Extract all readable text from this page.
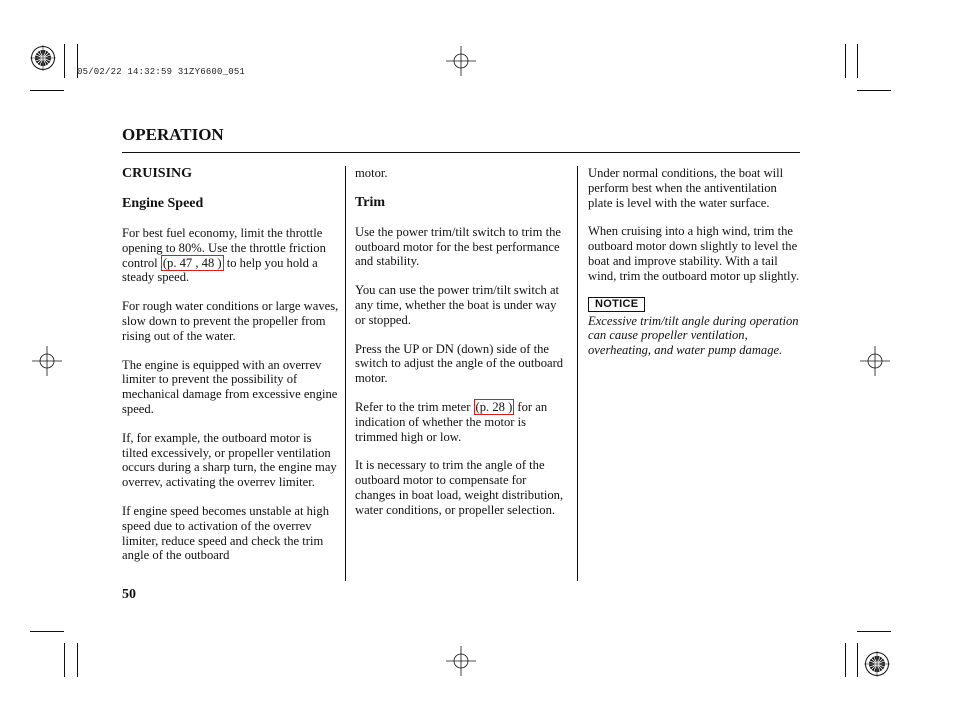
05/02/22 14:32:59 31ZY6600_051
OPERATION

CRUISING

Engine Speed

For best fuel economy, limit the throttle opening to 80%. Use the throttle friction control (p. 47 , 48 ) to help you hold a steady speed.

For rough water conditions or large waves, slow down to prevent the propeller from rising out of the water.

The engine is equipped with an overrev limiter to prevent the possibility of mechanical damage from excessive engine speed.

If, for example, the outboard motor is tilted excessively, or propeller ventilation occurs during a sharp turn, the engine may overrev, activating the overrev limiter.

If engine speed becomes unstable at high speed due to activation of the overrev limiter, reduce speed and check the trim angle of the outboard

motor.

Trim

Use the power trim/tilt switch to trim the outboard motor for the best performance and stability.

You can use the power trim/tilt switch at any time, whether the boat is under way or stopped.

Press the UP or DN (down) side of the switch to adjust the angle of the outboard motor.

Refer to the trim meter (p. 28 ) for an indication of whether the motor is trimmed high or low.

It is necessary to trim the angle of the outboard motor to compensate for changes in boat load, weight distribution, water conditions, or propeller selection.

Under normal conditions, the boat will perform best when the antiventilation plate is level with the water surface.

When cruising into a high wind, trim the outboard motor down slightly to level the boat and improve stability. With a tail wind, trim the outboard motor up slightly.

NOTICE

Excessive trim/tilt angle during operation can cause propeller ventilation, overheating, and water pump damage.

50
